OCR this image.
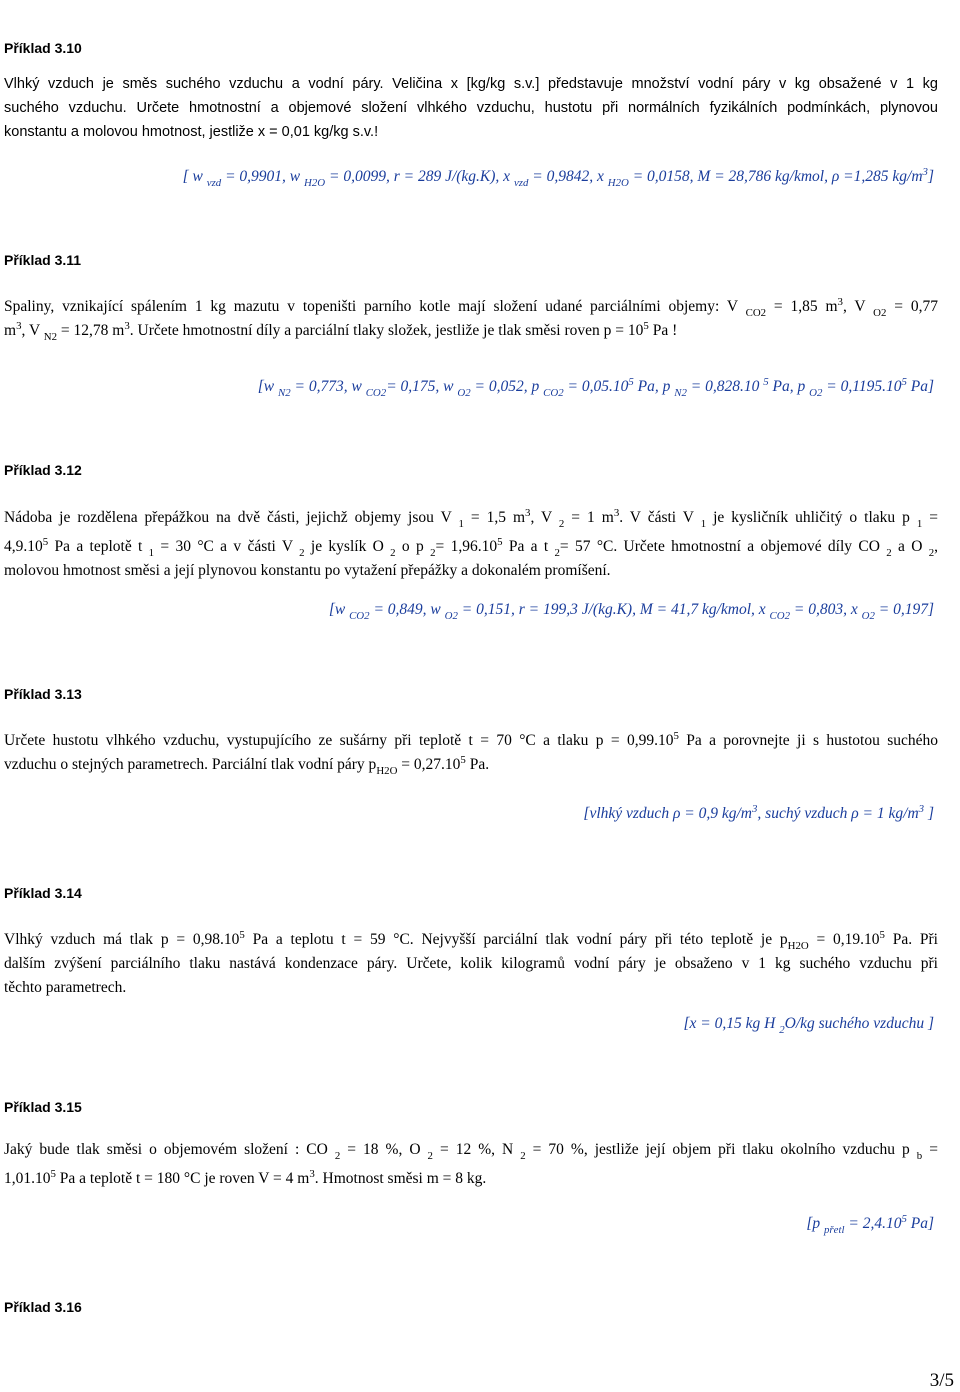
Příklad 3.10
Vlhký vzduch je směs suchého vzduchu a vodní páry. Veličina x [kg/kg s.v.] představuje množství vodní páry v kg obsažené v 1 kg
suchého vzduchu. Určete hmotnostní a objemové složení vlhkého vzduchu, hustotu při normálních fyzikálních podmínkách, plynovou
konstantu a molovou hmotnost, jestliže x = 0,01 kg/kg s.v.!
[ w $_{vzd}$ = 0,9901, w $_{H2O}$ = 0,0099, r = 289 J/(kg.K), x $_{vzd}$ = 0,9842, x $_{H2O}$ = 0,0158, M = 28,786 kg/kmol, ρ =1,285 $kg/m^3$]
Příklad 3.11
Spaliny, vznikající spálením 1 kg mazutu v topeništi parního kotle mají složení udané parciálními objemy: V $_{CO2}$ = 1,85 $m^3$, V $_{O2}$ = 0,77
$m^3$, V $_{N2}$ = 12,78 $m^3$. Určete hmotnostní díly a parciální tlaky složek, jestliže je tlak směsi roven $p = 10^5$ Pa !
[w $_{N2}$ = 0,773, w $_{CO2}$= 0,175, w $_{O2}$ = 0,052, p $_{CO2} = 0,05.10^5$ Pa, p $_{N2}$ = 0,828.10 $^5$ Pa, p $_{O2} = 0,1195.10^5$ Pa]
Příklad 3.12
Nádoba je rozdělena přepážkou na dvě části, jejichž objemy jsou V $_1$ = 1,5 $m^3$, V $_2$ = 1 $m^3$. V části V $_1$ je kysličník uhličitý o tlaku p $_1$ =
$4,9.10^5$ Pa a teplotě t $_1$ = 30 °C a v části V $_2$ je kyslík O $_2$ o p $_2= 1,96.10^5$ Pa a t $_2$= 57 °C. Určete hmotnostní a objemové díly CO $_2$ a O $_2$,
molovou hmotnost směsi a její plynovou konstantu po vytažení přepážky a dokonalém promíšení.
[w $_{CO2}$ = 0,849, w $_{O2}$ = 0,151, r = 199,3 J/(kg.K), M = 41,7 kg/kmol, x $_{CO2}$ = 0,803, x $_{O2}$ = 0,197]
Příklad 3.13
Určete hustotu vlhkého vzduchu, vystupujícího ze sušárny při teplotě t = 70 °C a tlaku $p = 0,99.10^5$ Pa a porovnejte ji s hustotou suchého
vzduchu o stejných parametrech. Parciální tlak vodní páry $p_{H2O} = 0,27.10^5$ Pa.
[vlhký vzduch ρ = 0,9 $kg/m^3$, suchý vzduch ρ = 1 $kg/m^3$ ]
Příklad 3.14
Vlhký vzduch má tlak $p = 0,98.10^5$ Pa a teplotu t = 59 °C. Nejvyšší parciální tlak vodní páry při této teplotě je $p_{H2O} = 0,19.10^5$ Pa. Při
dalším zvýšení parciálního tlaku nastává kondenzace páry. Určete, kolik kilogramů vodní páry je obsaženo v 1 kg suchého vzduchu při
těchto parametrech.
[x = 0,15 kg H $_2$O/kg suchého vzduchu ]
Příklad 3.15
Jaký bude tlak směsi o objemovém složení : CO $_2$ = 18 %, O $_2$ = 12 %, N $_2$ = 70 %, jestliže její objem při tlaku okolního vzduchu p $_b$ =
$1,01.10^5$ Pa a teplotě t = 180 °C je roven V = 4 $m^3$. Hmotnost směsi m = 8 kg.
[p $_{přetl} = 2,4.10^5$ Pa]
Příklad 3.16
3/5
